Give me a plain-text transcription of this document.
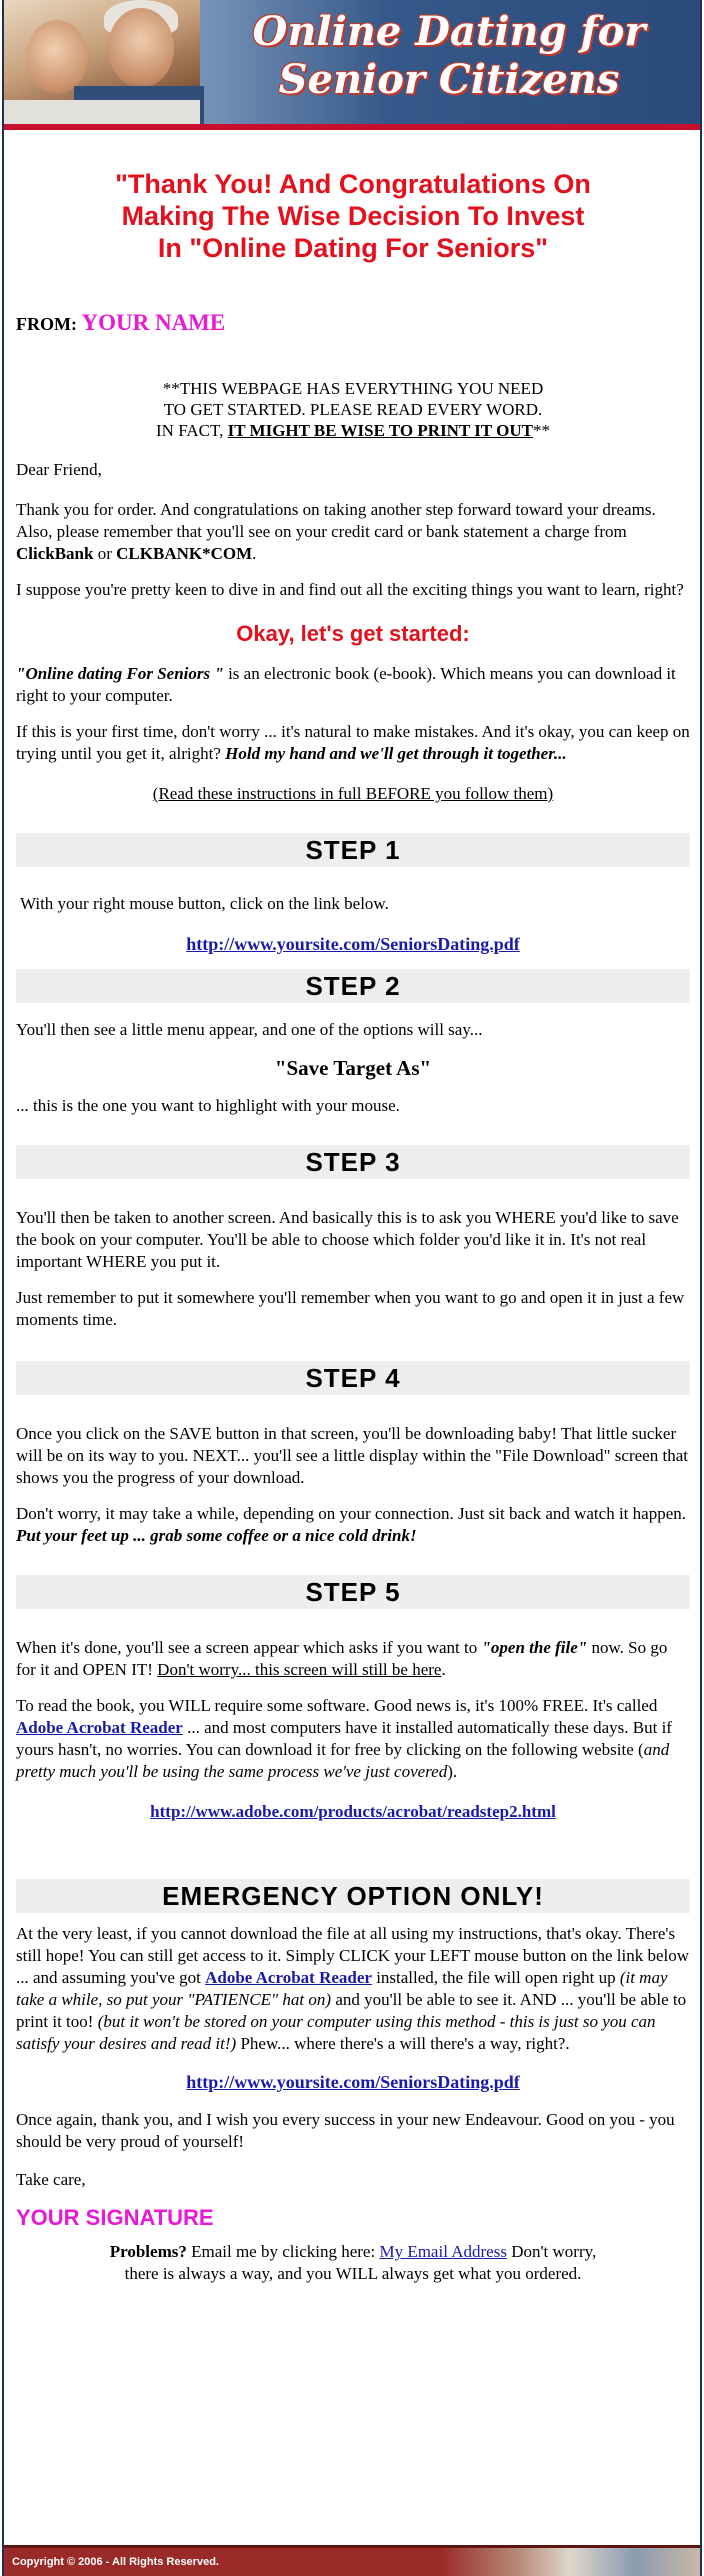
Online Dating for
Senior Citizens
"Thank You! And Congratulations On
Making The Wise Decision To Invest
In "Online Dating For Seniors"
FROM: YOUR NAME
**THIS WEBPAGE HAS EVERYTHING YOU NEED
TO GET STARTED. PLEASE READ EVERY WORD.
IN FACT, IT MIGHT BE WISE TO PRINT IT OUT**

Dear Friend,

Thank you for order. And congratulations on taking another step forward toward your dreams. Also, please remember that you'll see on your credit card or bank statement a charge from ClickBank or CLKBANK*COM.

I suppose you're pretty keen to dive in and find out all the exciting things you want to learn, right?

Okay, let's get started:

"Online dating For Seniors " is an electronic book (e-book). Which means you can download it right to your computer.

If this is your first time, don't worry ... it's natural to make mistakes. And it's okay, you can keep on trying until you get it, alright? Hold my hand and we'll get through it together...

(Read these instructions in full BEFORE you follow them)

STEP 1

With your right mouse button, click on the link below.

http://www.yoursite.com/SeniorsDating.pdf

STEP 2

You'll then see a little menu appear, and one of the options will say...

"Save Target As"

... this is the one you want to highlight with your mouse.

STEP 3

You'll then be taken to another screen. And basically this is to ask you WHERE you'd like to save the book on your computer. You'll be able to choose which folder you'd like it in. It's not real important WHERE you put it.

Just remember to put it somewhere you'll remember when you want to go and open it in just a few moments time.

STEP 4

Once you click on the SAVE button in that screen, you'll be downloading baby! That little sucker will be on its way to you. NEXT... you'll see a little display within the "File Download" screen that shows you the progress of your download.

Don't worry, it may take a while, depending on your connection. Just sit back and watch it happen. Put your feet up ... grab some coffee or a nice cold drink!

STEP 5

When it's done, you'll see a screen appear which asks if you want to "open the file" now. So go for it and OPEN IT! Don't worry... this screen will still be here.

To read the book, you WILL require some software. Good news is, it's 100% FREE. It's called Adobe Acrobat Reader ... and most computers have it installed automatically these days. But if yours hasn't, no worries. You can download it for free by clicking on the following website (and pretty much you'll be using the same process we've just covered).

http://www.adobe.com/products/acrobat/readstep2.html

EMERGENCY OPTION ONLY!

At the very least, if you cannot download the file at all using my instructions, that's okay. There's still hope! You can still get access to it. Simply CLICK your LEFT mouse button on the link below ... and assuming you've got Adobe Acrobat Reader installed, the file will open right up (it may take a while, so put your "PATIENCE" hat on) and you'll be able to see it. AND ... you'll be able to print it too! (but it won't be stored on your computer using this method - this is just so you can satisfy your desires and read it!) Phew... where there's a will there's a way, right?.

http://www.yoursite.com/SeniorsDating.pdf

Once again, thank you, and I wish you every success in your new Endeavour. Good on you - you should be very proud of yourself!

Take care,

YOUR SIGNATURE

Problems? Email me by clicking here: My Email Address Don't worry,
there is always a way, and you WILL always get what you ordered.

Copyright © 2006 - All Rights Reserved.
